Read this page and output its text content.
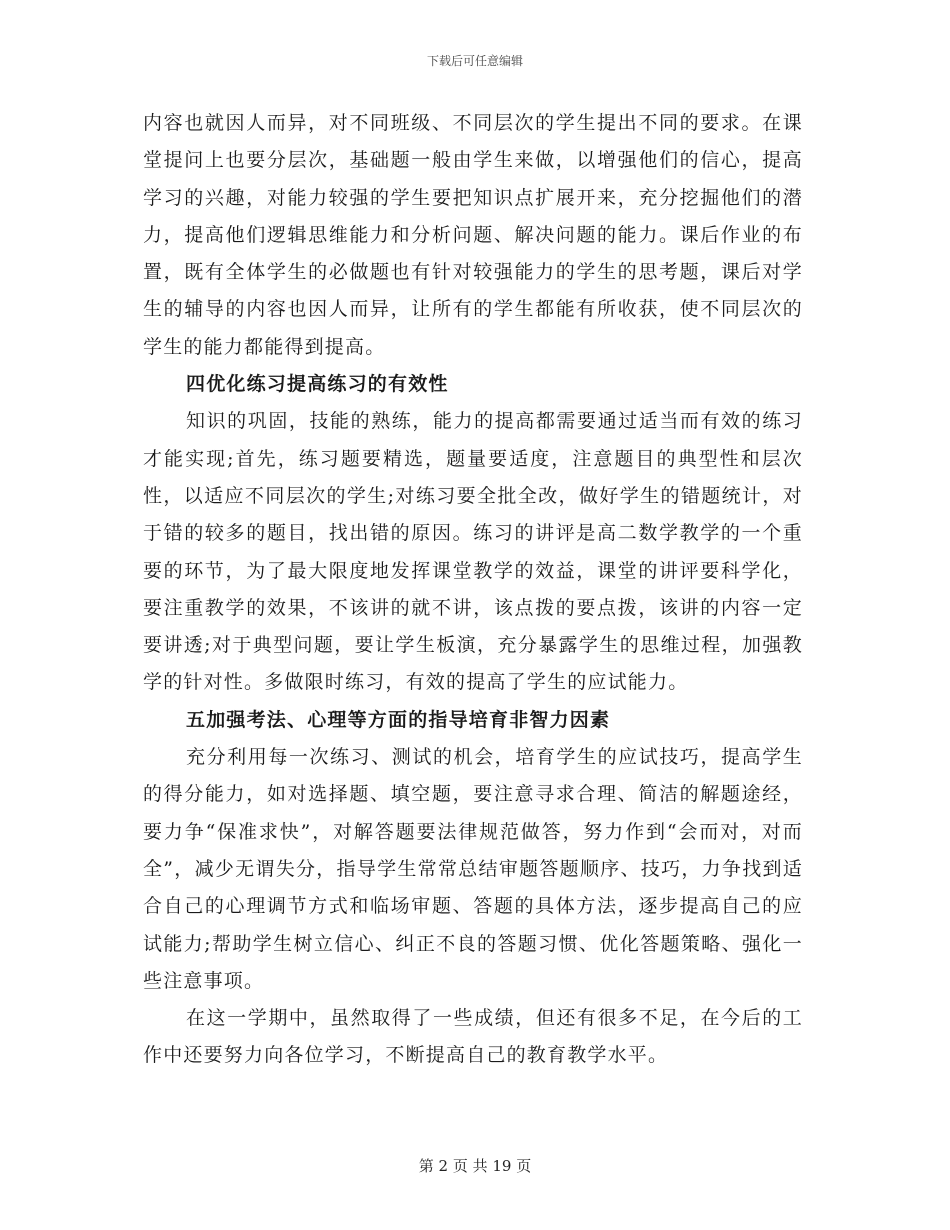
下载后可任意编辑

内容也就因人而异，对不同班级、不同层次的学生提出不同的要求。在课堂提问上也要分层次，基础题一般由学生来做，以增强他们的信心，提高学习的兴趣，对能力较强的学生要把知识点扩展开来，充分挖掘他们的潜力，提高他们逻辑思维能力和分析问题、解决问题的能力。课后作业的布置，既有全体学生的必做题也有针对较强能力的学生的思考题，课后对学生的辅导的内容也因人而异，让所有的学生都能有所收获，使不同层次的学生的能力都能得到提高。

四优化练习提高练习的有效性

知识的巩固，技能的熟练，能力的提高都需要通过适当而有效的练习才能实现;首先，练习题要精选，题量要适度，注意题目的典型性和层次性，以适应不同层次的学生;对练习要全批全改，做好学生的错题统计，对于错的较多的题目，找出错的原因。练习的讲评是高二数学教学的一个重要的环节，为了最大限度地发挥课堂教学的效益，课堂的讲评要科学化，要注重教学的效果，不该讲的就不讲，该点拨的要点拨，该讲的内容一定要讲透;对于典型问题，要让学生板演，充分暴露学生的思维过程，加强教学的针对性。多做限时练习，有效的提高了学生的应试能力。

五加强考法、心理等方面的指导培育非智力因素

充分利用每一次练习、测试的机会，培育学生的应试技巧，提高学生的得分能力，如对选择题、填空题，要注意寻求合理、简洁的解题途经，要力争“保准求快”，对解答题要法律规范做答，努力作到“会而对，对而全”，减少无谓失分，指导学生常常总结审题答题顺序、技巧，力争找到适合自己的心理调节方式和临场审题、答题的具体方法，逐步提高自己的应试能力;帮助学生树立信心、纠正不良的答题习惯、优化答题策略、强化一些注意事项。

在这一学期中，虽然取得了一些成绩，但还有很多不足，在今后的工作中还要努力向各位学习，不断提高自己的教育教学水平。

第 2 页 共 19 页
